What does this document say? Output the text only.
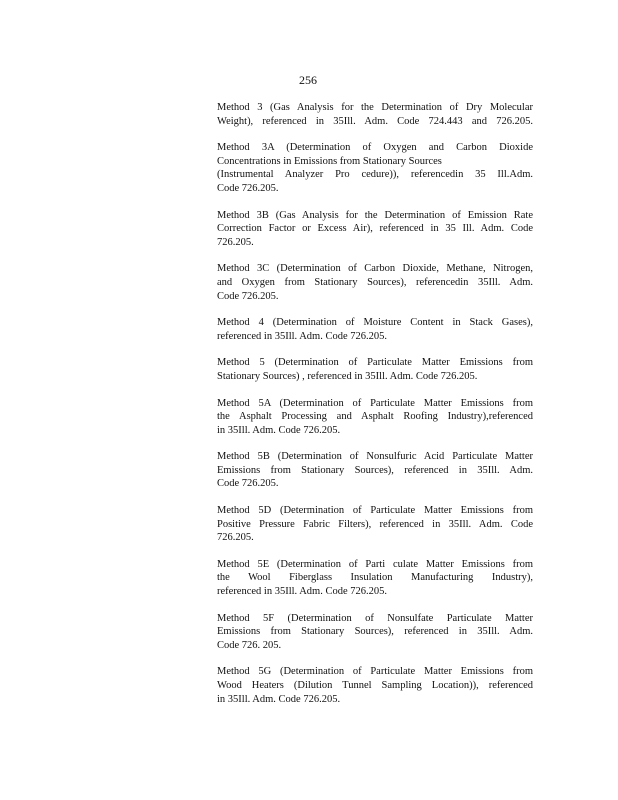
256
Method 3 (Gas Analysis for the Determination of Dry Molecular
Weight), referenced in 35Ill. Adm. Code 724.443 and 726.205.
Method 3A (Determination of Oxygen and Carbon Dioxide
Concentrations in Emissions from Stationary Sources
(Instrumental Analyzer Pro cedure)), referencedin 35 Ill.Adm.
Code 726.205.
Method 3B (Gas Analysis for the Determination of Emission Rate
Correction Factor or Excess Air), referenced in 35 Ill. Adm. Code
726.205.
Method 3C (Determination of Carbon Dioxide, Methane, Nitrogen,
and Oxygen from Stationary Sources), referencedin 35Ill. Adm.
Code 726.205.
Method 4 (Determination of Moisture Content in Stack Gases),
referenced in 35Ill. Adm. Code 726.205.
Method 5 (Determination of Particulate Matter Emissions from
Stationary Sources) , referenced in 35Ill. Adm. Code 726.205.
Method 5A (Determination of Particulate Matter Emissions from
the Asphalt Processing and Asphalt Roofing Industry),referenced
in 35Ill. Adm. Code 726.205.
Method 5B (Determination of Nonsulfuric Acid Particulate Matter
Emissions from Stationary Sources), referenced in 35Ill. Adm.
Code 726.205.
Method 5D (Determination of Particulate Matter Emissions from
Positive Pressure Fabric Filters), referenced in 35Ill. Adm. Code
726.205.
Method 5E (Determination of Parti culate Matter Emissions from
the Wool Fiberglass Insulation Manufacturing Industry),
referenced in 35Ill. Adm. Code 726.205.
Method 5F (Determination of Nonsulfate Particulate Matter
Emissions from Stationary Sources), referenced in 35Ill. Adm.
Code 726. 205.
Method 5G (Determination of Particulate Matter Emissions from
Wood Heaters (Dilution Tunnel Sampling Location)), referenced
in 35Ill. Adm. Code 726.205.
